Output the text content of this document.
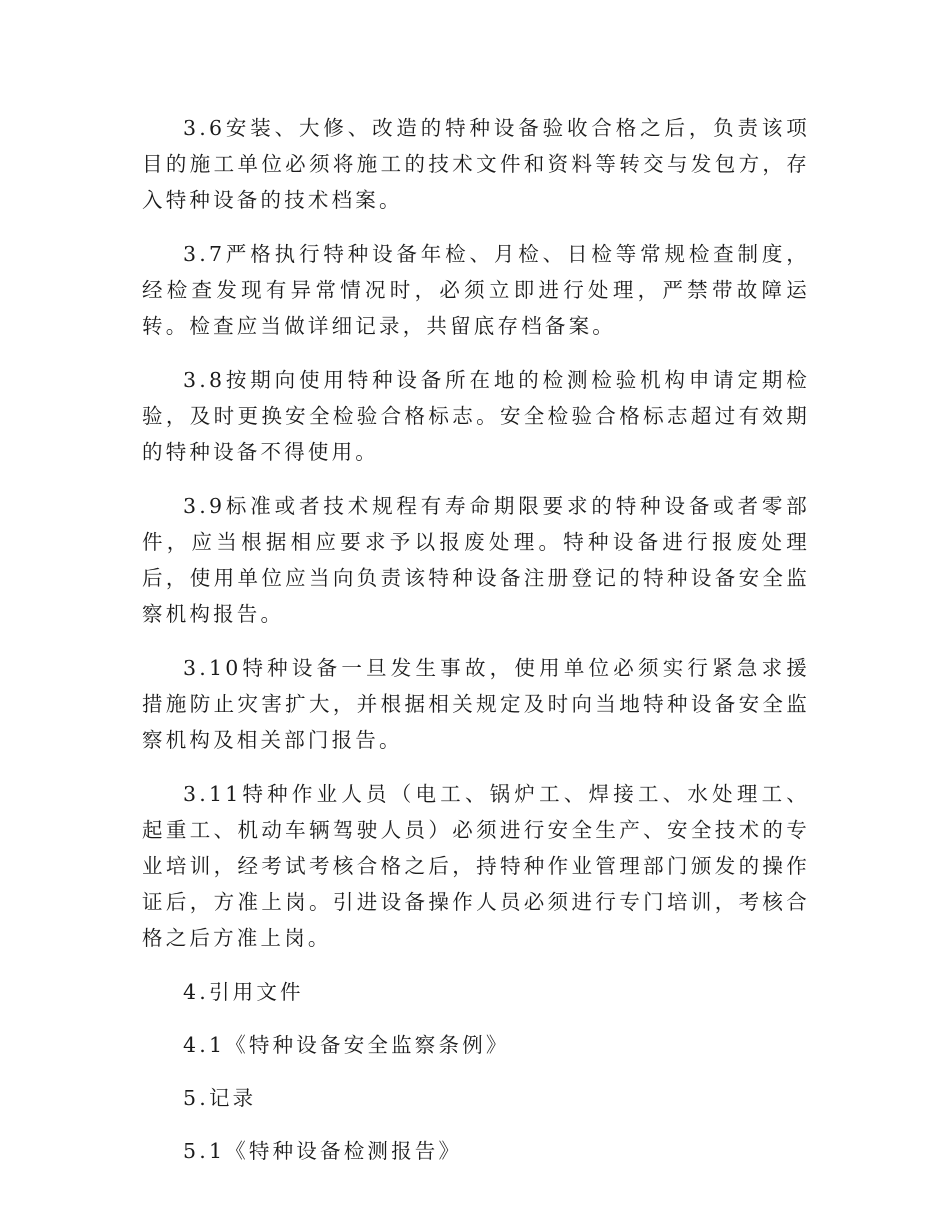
3.6安装、大修、改造的特种设备验收合格之后，负责该项目的施工单位必须将施工的技术文件和资料等转交与发包方，存入特种设备的技术档案。

3.7严格执行特种设备年检、月检、日检等常规检查制度，经检查发现有异常情况时，必须立即进行处理，严禁带故障运转。检查应当做详细记录，共留底存档备案。

3.8按期向使用特种设备所在地的检测检验机构申请定期检验，及时更换安全检验合格标志。安全检验合格标志超过有效期的特种设备不得使用。

3.9标准或者技术规程有寿命期限要求的特种设备或者零部件，应当根据相应要求予以报废处理。特种设备进行报废处理后，使用单位应当向负责该特种设备注册登记的特种设备安全监察机构报告。

3.10特种设备一旦发生事故，使用单位必须实行紧急求援措施防止灾害扩大，并根据相关规定及时向当地特种设备安全监察机构及相关部门报告。

3.11特种作业人员（电工、锅炉工、焊接工、水处理工、起重工、机动车辆驾驶人员）必须进行安全生产、安全技术的专业培训，经考试考核合格之后，持特种作业管理部门颁发的操作证后，方准上岗。引进设备操作人员必须进行专门培训，考核合格之后方准上岗。

4.引用文件

4.1《特种设备安全监察条例》

5.记录

5.1《特种设备检测报告》
